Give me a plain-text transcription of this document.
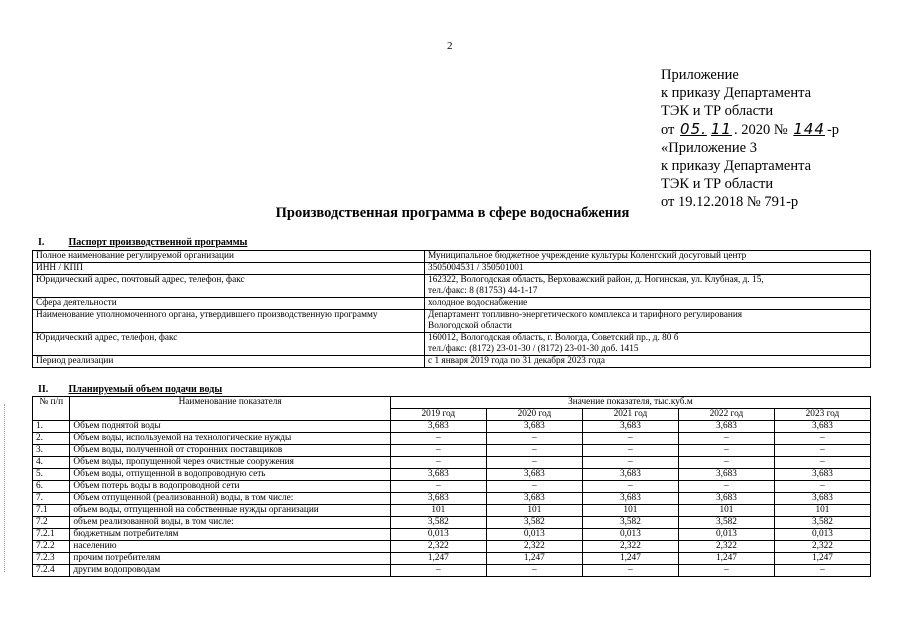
2
Приложение
к приказу Департамента
ТЭК и ТР области
от 05. 11 . 2020 № 144 -р
«Приложение 3
к приказу Департамента
ТЭК и ТР области
от 19.12.2018 № 791-р
Производственная программа в сфере водоснабжения
I. Паспорт производственной программы
Полное наименование регулируемой организации	Муниципальное бюджетное учреждение культуры Коленгский досуговый центр

ИНН / КПП	3505004531 / 350501001

Юридический адрес, почтовый адрес, телефон, факс	162322, Вологодская область, Верховажский район, д. Ногинская, ул. Клубная, д. 15,
тел./факс: 8 (81753) 44-1-17

Сфера деятельности	холодное водоснабжение

Наименование уполномоченного органа, утвердившего производственную программу	Департамент топливно-энергетического комплекса и тарифного регулирования
Вологодской области

Юридический адрес, телефон, факс	160012, Вологодская область, г. Вологда, Советский пр., д. 80 б
тел./факс: (8172) 23-01-30 / (8172) 23-01-30 доб. 1415

Период реализации	с 1 января 2019 года по 31 декабря 2023 года
II. Планируемый объем подачи воды
№ п/п	Наименование показателя	Значение показателя, тыс.куб.м				
		2019 год	2020 год	2021 год	2022 год	2023 год
1.	Объем поднятой воды	3,683	3,683	3,683	3,683	3,683
2.	Объем воды, используемой на технологические нужды	–	–	–	–	–
3.	Объем воды, полученной от сторонних поставщиков	–	–	–	–	–
4.	Объем воды, пропущенной через очистные сооружения	–	–	–	–	–
5.	Объем воды, отпущенной в водопроводную сеть	3,683	3,683	3,683	3,683	3,683
6.	Объем потерь воды в водопроводной сети	–	–	–	–	–
7.	Объем отпущенной (реализованной) воды, в том числе:	3,683	3,683	3,683	3,683	3,683
7.1	объем воды, отпущенной на собственные нужды организации	101	101	101	101	101
7.2	объем реализованной воды, в том числе:	3,582	3,582	3,582	3,582	3,582
7.2.1	бюджетным потребителям	0,013	0,013	0,013	0,013	0,013
7.2.2	населению	2,322	2,322	2,322	2,322	2,322
7.2.3	прочим потребителям	1,247	1,247	1,247	1,247	1,247
7.2.4	другим водопроводам	–	–	–	–	–
